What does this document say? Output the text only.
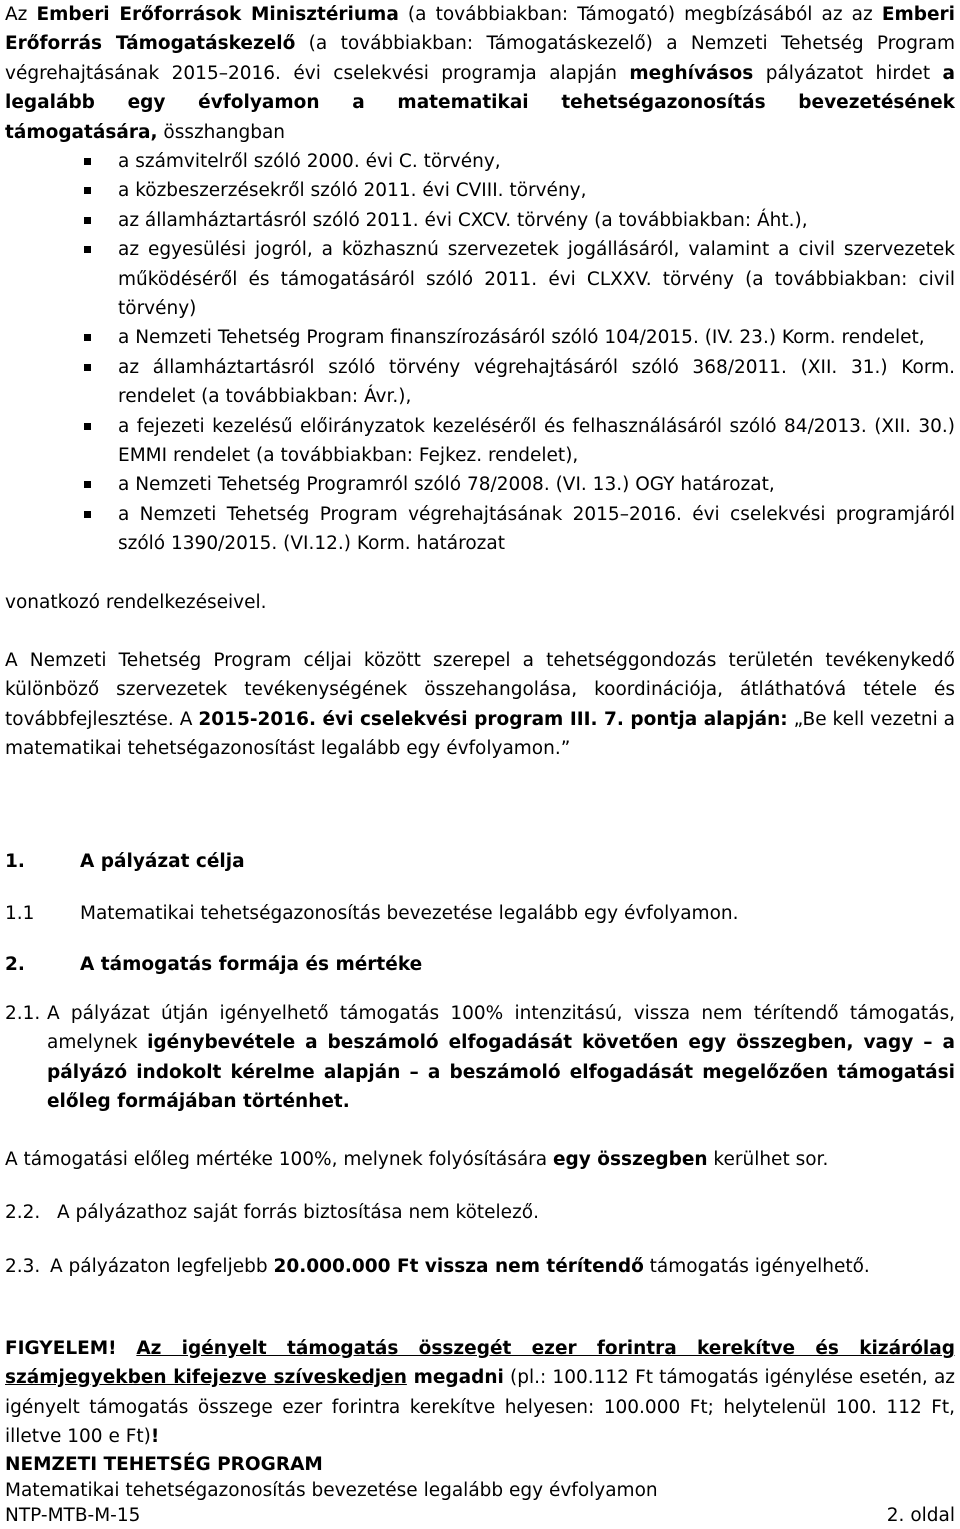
Az Emberi Erőforrások Minisztériuma (a továbbiakban: Támogató) megbízásából az az Emberi Erőforrás Támogatáskezelő (a továbbiakban: Támogatáskezelő) a Nemzeti Tehetség Program végrehajtásának 2015–2016. évi cselekvési programja alapján meghívásos pályázatot hirdet a legalább egy évfolyamon a matematikai tehetségazonosítás bevezetésének támogatására, összhangban

a számvitelről szóló 2000. évi C. törvény,
a közbeszerzésekről szóló 2011. évi CVIII. törvény,
az államháztartásról szóló 2011. évi CXCV. törvény (a továbbiakban: Áht.),
az egyesülési jogról, a közhasznú szervezetek jogállásáról, valamint a civil szervezetek működéséről és támogatásáról szóló 2011. évi CLXXV. törvény (a továbbiakban: civil törvény)
a Nemzeti Tehetség Program finanszírozásáról szóló 104/2015. (IV. 23.) Korm. rendelet,
az államháztartásról szóló törvény végrehajtásáról szóló 368/2011. (XII. 31.) Korm. rendelet (a továbbiakban: Ávr.),
a fejezeti kezelésű előirányzatok kezeléséről és felhasználásáról szóló 84/2013. (XII. 30.) EMMI rendelet (a továbbiakban: Fejkez. rendelet),
a Nemzeti Tehetség Programról szóló 78/2008. (VI. 13.) OGY határozat,
a Nemzeti Tehetség Program végrehajtásának 2015–2016. évi cselekvési programjáról szóló 1390/2015. (VI.12.) Korm. határozat

vonatkozó rendelkezéseivel.

A Nemzeti Tehetség Program céljai között szerepel a tehetséggondozás területén tevékenykedő különböző szervezetek tevékenységének összehangolása, koordinációja, átláthatóvá tétele és továbbfejlesztése. A 2015-2016. évi cselekvési program III. 7. pontja alapján: „Be kell vezetni a matematikai tehetségazonosítást legalább egy évfolyamon.”

1.	A pályázat célja
1.1 Matematikai tehetségazonosítás bevezetése legalább egy évfolyamon.
2.	A támogatás formája és mértéke
2.1. A pályázat útján igényelhető támogatás 100% intenzitású, vissza nem térítendő támogatás, amelynek igénybevétele a beszámoló elfogadását követően egy összegben, vagy – a pályázó indokolt kérelme alapján – a beszámoló elfogadását megelőzően támogatási előleg formájában történhet.

A támogatási előleg mértéke 100%, melynek folyósítására egy összegben kerülhet sor.

2.2. A pályázathoz saját forrás biztosítása nem kötelező.
2.3. A pályázaton legfeljebb 20.000.000 Ft vissza nem térítendő támogatás igényelhető.

FIGYELEM! Az igényelt támogatás összegét ezer forintra kerekítve és kizárólag számjegyekben kifejezve szíveskedjen megadni (pl.: 100.112 Ft támogatás igénylése esetén, az igényelt támogatás összege ezer forintra kerekítve helyesen: 100.000 Ft; helytelenül 100. 112 Ft, illetve 100 e Ft)!

NEMZETI TEHETSÉG PROGRAM
Matematikai tehetségazonosítás bevezetése legalább egy évfolyamon
NTP-MTB-M-15	2. oldal
